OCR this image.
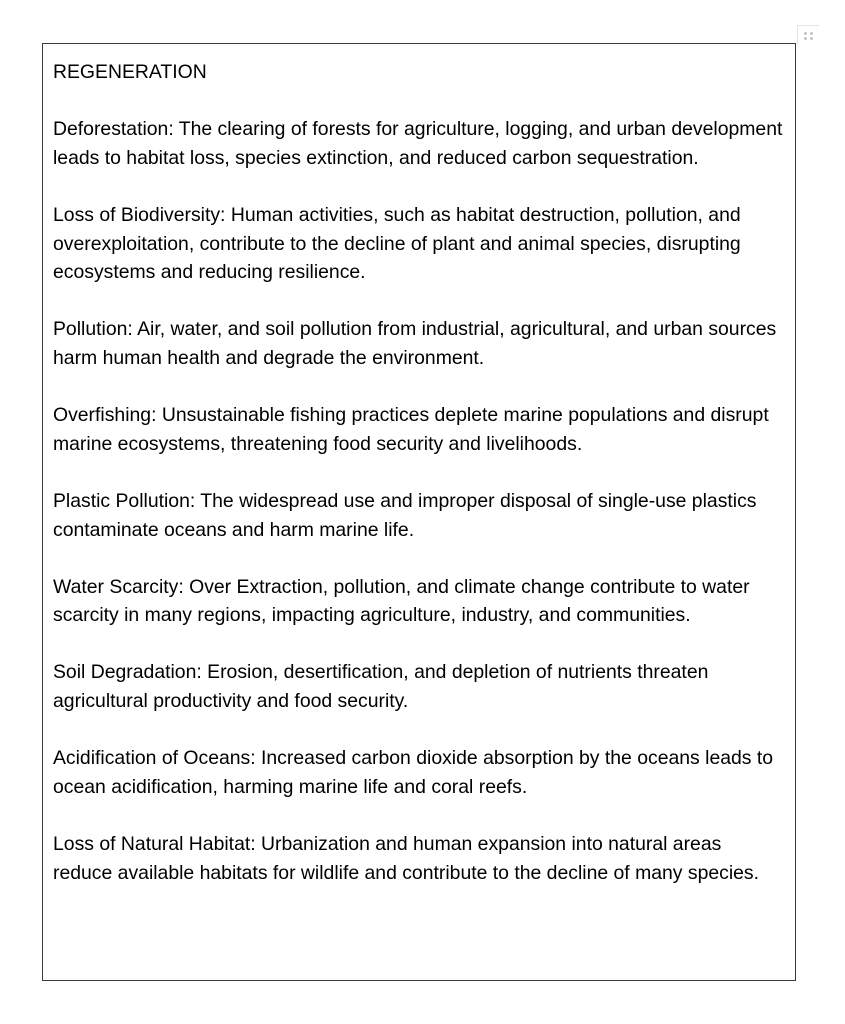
REGENERATION

Deforestation: The clearing of forests for agriculture, logging, and urban development leads to habitat loss, species extinction, and reduced carbon sequestration.

Loss of Biodiversity: Human activities, such as habitat destruction, pollution, and overexploitation, contribute to the decline of plant and animal species, disrupting ecosystems and reducing resilience.

Pollution: Air, water, and soil pollution from industrial, agricultural, and urban sources harm human health and degrade the environment.

Overfishing: Unsustainable fishing practices deplete marine populations and disrupt marine ecosystems, threatening food security and livelihoods.

Plastic Pollution: The widespread use and improper disposal of single-use plastics contaminate oceans and harm marine life.

Water Scarcity: Over Extraction, pollution, and climate change contribute to water scarcity in many regions, impacting agriculture, industry, and communities.

Soil Degradation: Erosion, desertification, and depletion of nutrients threaten agricultural productivity and food security.

Acidification of Oceans: Increased carbon dioxide absorption by the oceans leads to ocean acidification, harming marine life and coral reefs.

Loss of Natural Habitat: Urbanization and human expansion into natural areas reduce available habitats for wildlife and contribute to the decline of many species.
